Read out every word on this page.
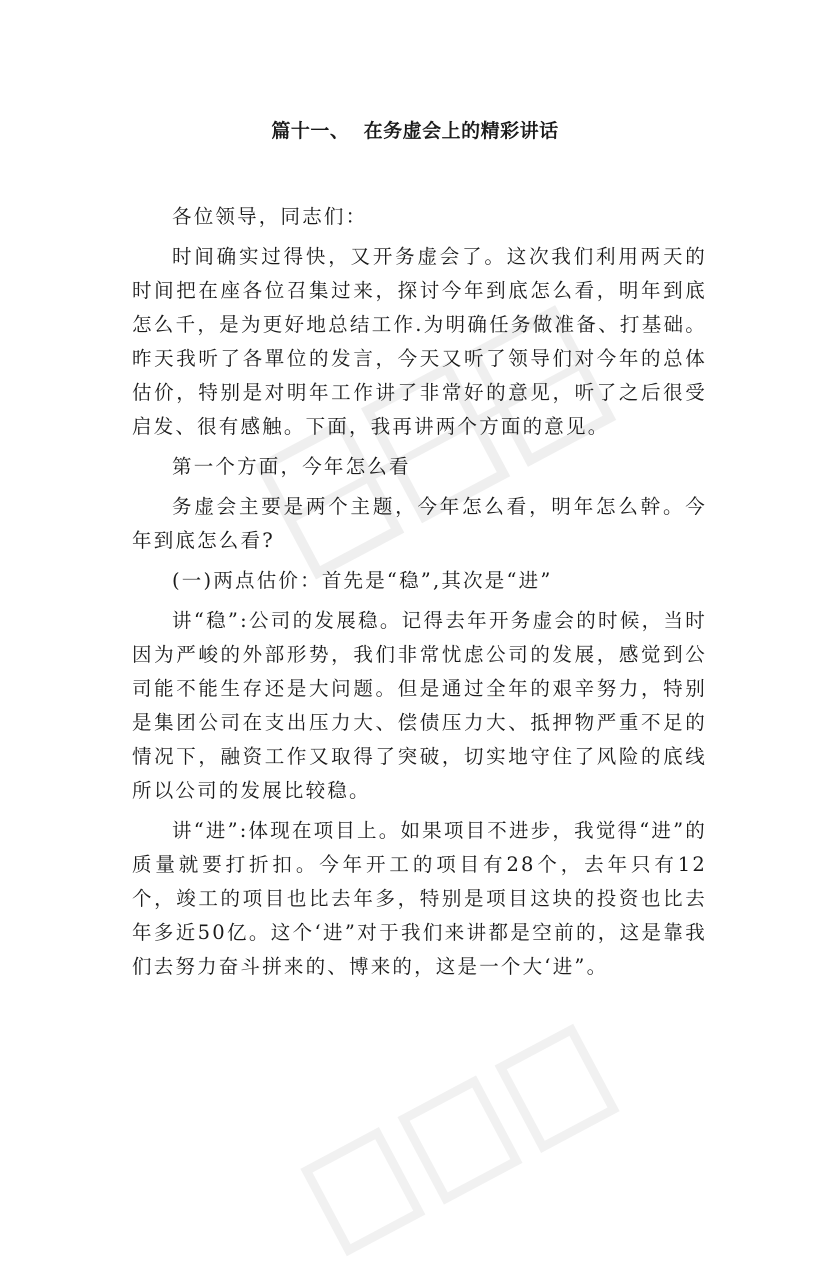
篇十一、  在务虚会上的精彩讲话

各位领导，同志们：

时间确实过得快，又开务虚会了。这次我们利用两天的时间把在座各位召集过来，探讨今年到底怎么看，明年到底怎么千，是为更好地总结工作.为明确任务做准备、打基础。昨天我听了各單位的发言，今天又听了领导们对今年的总体估价，特别是对明年工作讲了非常好的意见，听了之后很受启发、很有感触。下面，我再讲两个方面的意见。

第一个方面，今年怎么看

务虚会主要是两个主题，今年怎么看，明年怎么幹。今年到底怎么看?

(一)两点估价：首先是“稳”,其次是“进”

讲“稳”:公司的发展稳。记得去年开务虚会的时候，当时因为严峻的外部形势，我们非常忧虑公司的发展，感觉到公司能不能生存还是大问题。但是通过全年的艰辛努力，特别是集团公司在支出压力大、偿债压力大、抵押物严重不足的情况下，融资工作又取得了突破，切实地守住了风险的底线所以公司的发展比较稳。

讲“进”:体现在项目上。如果项目不进步，我觉得“进”的质量就要打折扣。今年开工的项目有28个，去年只有12个，竣工的项目也比去年多，特别是项目这块的投资也比去年多近50亿。这个‘进”对于我们来讲都是空前的，这是靠我们去努力奋斗拼来的、博来的，这是一个大‘进”。
